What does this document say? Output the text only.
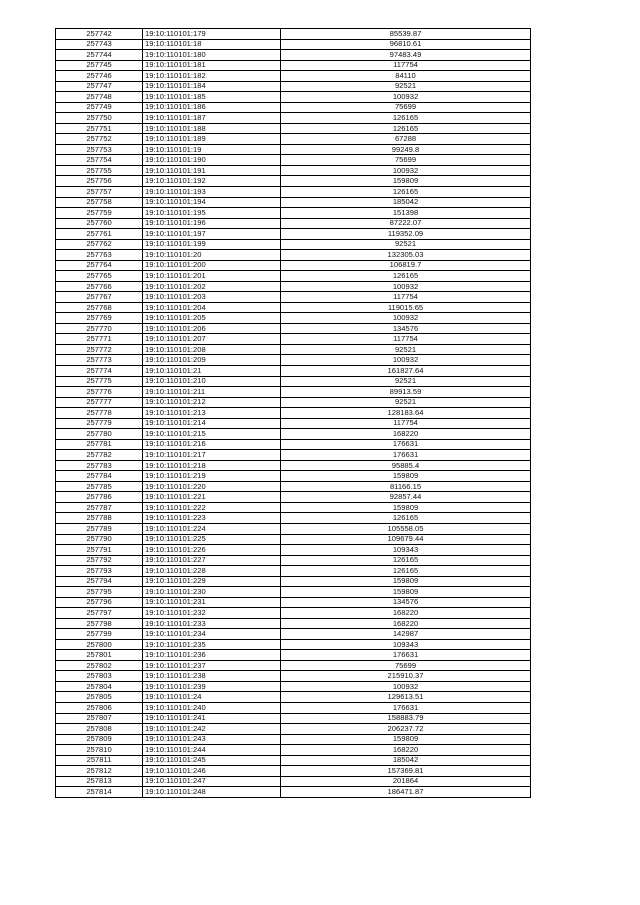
257742	19:10:110101:179	85539.87
257743	19:10:110101:18	96810.61
257744	19:10:110101:180	97483.49
257745	19:10:110101:181	117754
257746	19:10:110101:182	84110
257747	19:10:110101:184	92521
257748	19:10:110101:185	100932
257749	19:10:110101:186	75699
257750	19:10:110101:187	126165
257751	19:10:110101:188	126165
257752	19:10:110101:189	67288
257753	19:10:110101:19	99249.8
257754	19:10:110101:190	75699
257755	19:10:110101:191	100932
257756	19:10:110101:192	159809
257757	19:10:110101:193	126165
257758	19:10:110101:194	185042
257759	19:10:110101:195	151398
257760	19:10:110101:196	87222.07
257761	19:10:110101:197	119352.09
257762	19:10:110101:199	92521
257763	19:10:110101:20	132305.03
257764	19:10:110101:200	106819.7
257765	19:10:110101:201	126165
257766	19:10:110101:202	100932
257767	19:10:110101:203	117754
257768	19:10:110101:204	119015.65
257769	19:10:110101:205	100932
257770	19:10:110101:206	134576
257771	19:10:110101:207	117754
257772	19:10:110101:208	92521
257773	19:10:110101:209	100932
257774	19:10:110101:21	161827.64
257775	19:10:110101:210	92521
257776	19:10:110101:211	89913.59
257777	19:10:110101:212	92521
257778	19:10:110101:213	128183.64
257779	19:10:110101:214	117754
257780	19:10:110101:215	168220
257781	19:10:110101:216	176631
257782	19:10:110101:217	176631
257783	19:10:110101:218	95885.4
257784	19:10:110101:219	159809
257785	19:10:110101:220	81166.15
257786	19:10:110101:221	92857.44
257787	19:10:110101:222	159809
257788	19:10:110101:223	126165
257789	19:10:110101:224	105558.05
257790	19:10:110101:225	109679.44
257791	19:10:110101:226	109343
257792	19:10:110101:227	126165
257793	19:10:110101:228	126165
257794	19:10:110101:229	159809
257795	19:10:110101:230	159809
257796	19:10:110101:231	134576
257797	19:10:110101:232	168220
257798	19:10:110101:233	168220
257799	19:10:110101:234	142987
257800	19:10:110101:235	109343
257801	19:10:110101:236	176631
257802	19:10:110101:237	75699
257803	19:10:110101:238	215910.37
257804	19:10:110101:239	100932
257805	19:10:110101:24	129613.51
257806	19:10:110101:240	176631
257807	19:10:110101:241	158883.79
257808	19:10:110101:242	206237.72
257809	19:10:110101:243	159809
257810	19:10:110101:244	168220
257811	19:10:110101:245	185042
257812	19:10:110101:246	157369.81
257813	19:10:110101:247	201864
257814	19:10:110101:248	186471.87
